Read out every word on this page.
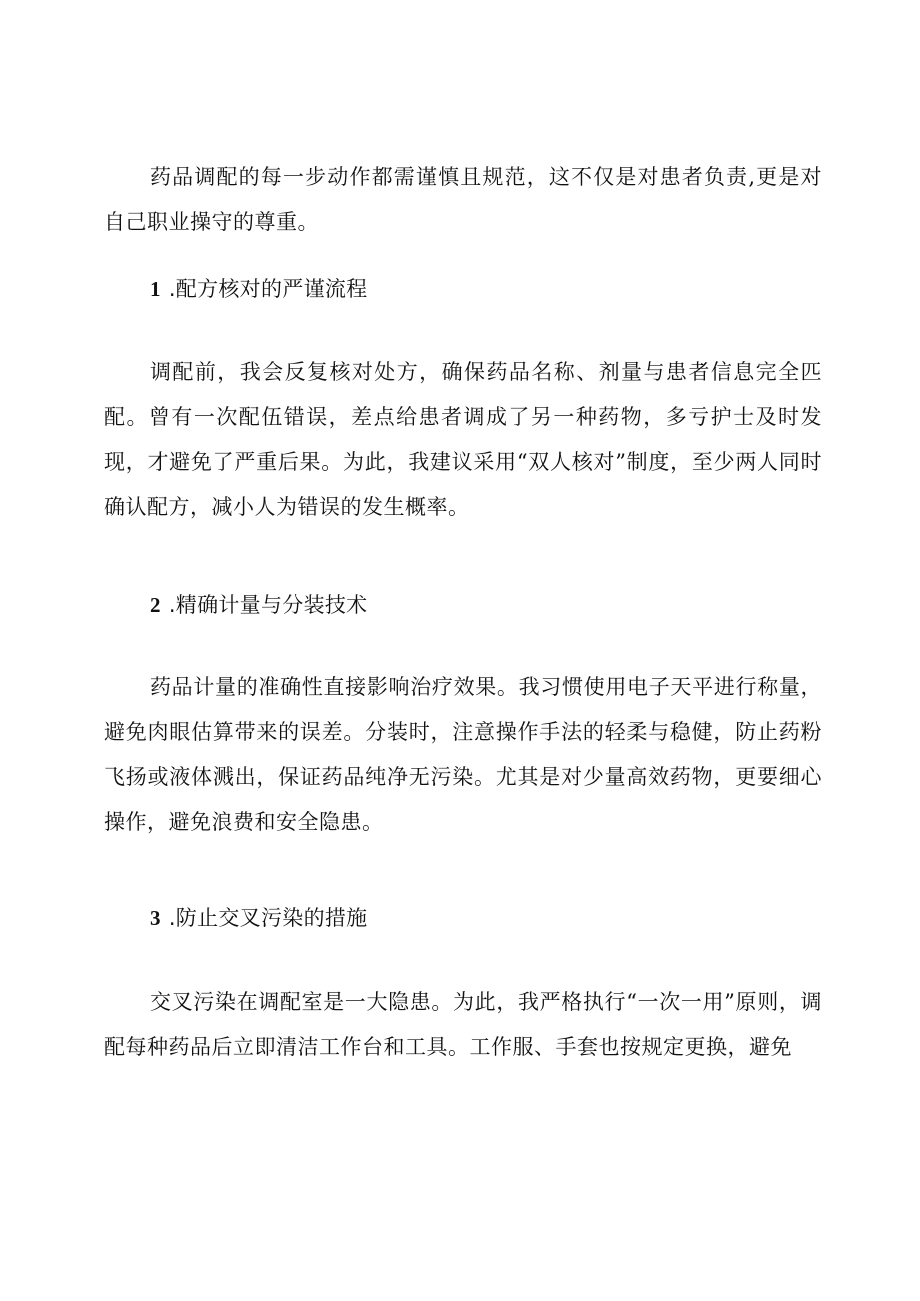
药品调配的每一步动作都需谨慎且规范，这不仅是对患者负责,更是对自己职业操守的尊重。

1 .配方核对的严谨流程

调配前，我会反复核对处方，确保药品名称、剂量与患者信息完全匹配。曾有一次配伍错误，差点给患者调成了另一种药物，多亏护士及时发现，才避免了严重后果。为此，我建议采用“双人核对”制度，至少两人同时确认配方，减小人为错误的发生概率。

2 .精确计量与分装技术

药品计量的准确性直接影响治疗效果。我习惯使用电子天平进行称量，避免肉眼估算带来的误差。分装时，注意操作手法的轻柔与稳健，防止药粉飞扬或液体溅出，保证药品纯净无污染。尤其是对少量高效药物，更要细心操作，避免浪费和安全隐患。

3 .防止交叉污染的措施

交叉污染在调配室是一大隐患。为此，我严格执行“一次一用”原则，调配每种药品后立即清洁工作台和工具。工作服、手套也按规定更换，避免
